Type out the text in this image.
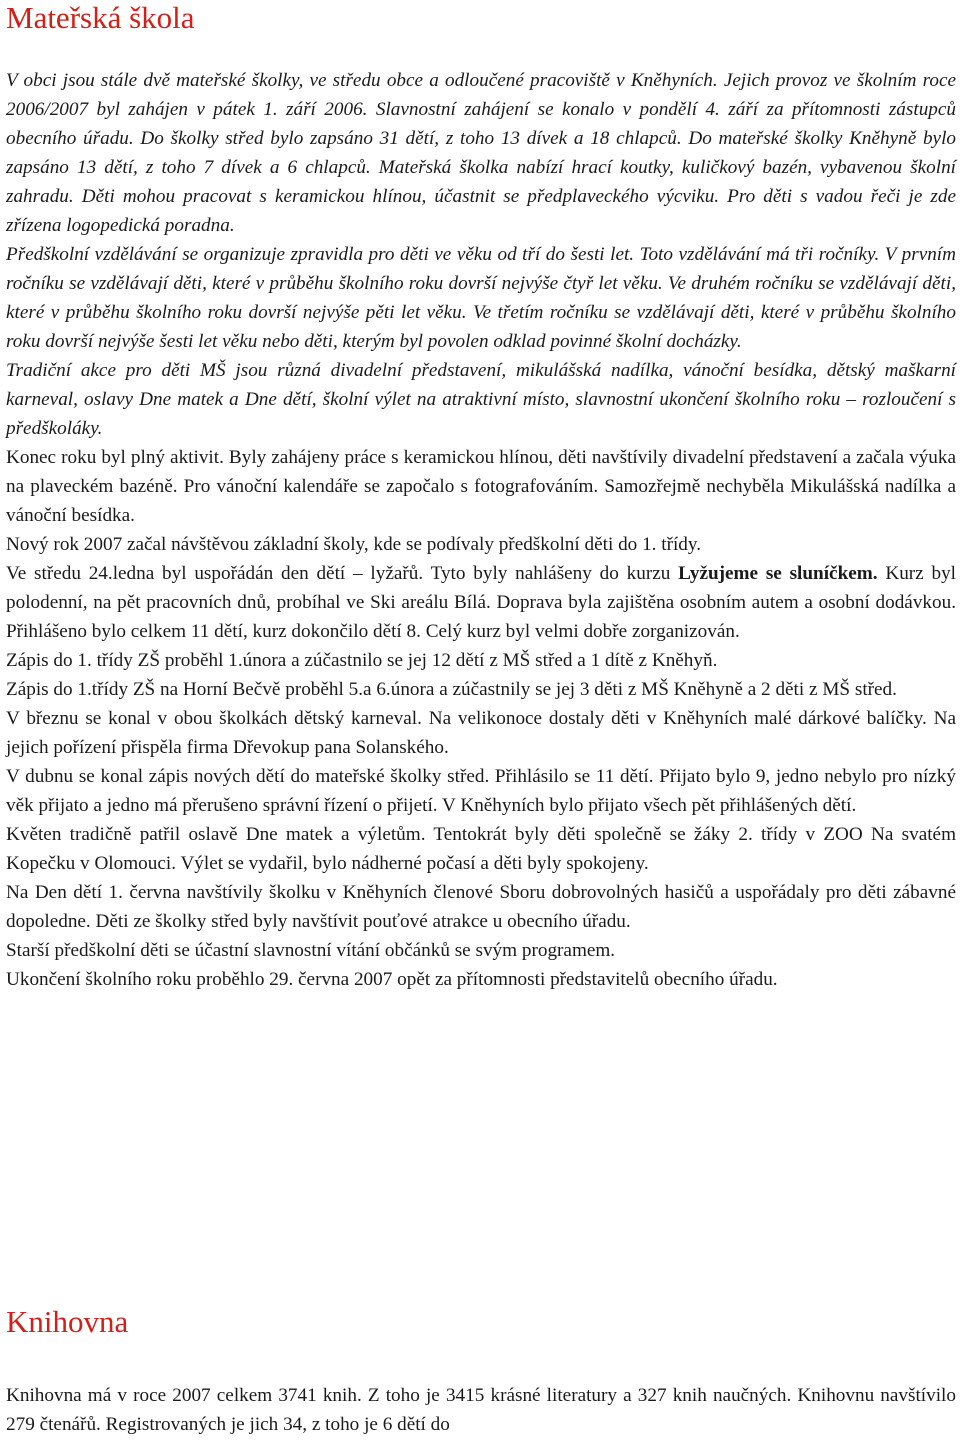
Mateřská škola

V obci jsou stále dvě mateřské školky, ve středu obce a odloučené pracoviště v Kněhyních. Jejich provoz ve školním roce 2006/2007 byl zahájen v pátek 1. září 2006. Slavnostní zahájení se konalo v pondělí 4. září za přítomnosti zástupců obecního úřadu. Do školky střed bylo zapsáno 31 dětí, z toho 13 dívek a 18 chlapců. Do mateřské školky Kněhyně bylo zapsáno 13 dětí, z toho 7 dívek a 6 chlapců. Mateřská školka nabízí hrací koutky, kuličkový bazén, vybavenou školní zahradu. Děti mohou pracovat s keramickou hlínou, účastnit se předplaveckého výcviku. Pro děti s vadou řeči je zde zřízena logopedická poradna.

Předškolní vzdělávání se organizuje zpravidla pro děti ve věku od tří do šesti let. Toto vzdělávání má tři ročníky. V prvním ročníku se vzdělávají děti, které v průběhu školního roku dovrší nejvýše čtyř let věku. Ve druhém ročníku se vzdělávají děti, které v průběhu školního roku dovrší nejvýše pěti let věku. Ve třetím ročníku se vzdělávají děti, které v průběhu školního roku dovrší nejvýše šesti let věku nebo děti, kterým byl povolen odklad povinné školní docházky.

Tradiční akce pro děti MŠ jsou různá divadelní představení, mikulášská nadílka, vánoční besídka, dětský maškarní karneval, oslavy Dne matek a Dne dětí, školní výlet na atraktivní místo, slavnostní ukončení školního roku – rozloučení s předškoláky.

Konec roku byl plný aktivit. Byly zahájeny práce s keramickou hlínou, děti navštívily divadelní představení a začala výuka na plaveckém bazéně. Pro vánoční kalendáře se započalo s fotografováním. Samozřejmě nechyběla Mikulášská nadílka a vánoční besídka.

Nový rok 2007 začal návštěvou základní školy, kde se podívaly předškolní děti do 1. třídy.

Ve středu 24.ledna byl uspořádán den dětí – lyžařů. Tyto byly nahlášeny do kurzu Lyžujeme se sluníčkem. Kurz byl polodenní, na pět pracovních dnů, probíhal ve Ski areálu Bílá. Doprava byla zajištěna osobním autem a osobní dodávkou. Přihlášeno bylo celkem 11 dětí, kurz dokončilo dětí 8. Celý kurz byl velmi dobře zorganizován.

Zápis do 1. třídy ZŠ proběhl 1.února a zúčastnilo se jej 12 dětí z MŠ střed a 1 dítě z Kněhyň.

Zápis do 1.třídy ZŠ na Horní Bečvě proběhl 5.a 6.února a zúčastnily se jej 3 děti z MŠ Kněhyně a 2 děti z MŠ střed.

V březnu se konal v obou školkách dětský karneval. Na velikonoce dostaly děti v Kněhyních malé dárkové balíčky. Na jejich pořízení přispěla firma Dřevokup pana Solanského.

V dubnu se konal zápis nových dětí do mateřské školky střed. Přihlásilo se 11 dětí. Přijato bylo 9, jedno nebylo pro nízký věk přijato a jedno má přerušeno správní řízení o přijetí. V Kněhyních bylo přijato všech pět přihlášených dětí.

Květen tradičně patřil oslavě Dne matek a výletům. Tentokrát byly děti společně se žáky 2. třídy v ZOO Na svatém Kopečku v Olomouci. Výlet se vydařil, bylo nádherné počasí a děti byly spokojeny.

Na Den dětí 1. června navštívily školku v Kněhyních členové Sboru dobrovolných hasičů a uspořádaly pro děti zábavné dopoledne. Děti ze školky střed byly navštívit pouťové atrakce u obecního úřadu.

Starší předškolní děti se účastní slavnostní vítání občánků se svým programem.

Ukončení školního roku proběhlo 29. června 2007 opět za přítomnosti představitelů obecního úřadu.

Knihovna

Knihovna má v roce 2007 celkem 3741 knih. Z toho je 3415 krásné literatury a 327 knih naučných. Knihovnu navštívilo 279 čtenářů. Registrovaných je jich 34, z toho je 6 dětí do
